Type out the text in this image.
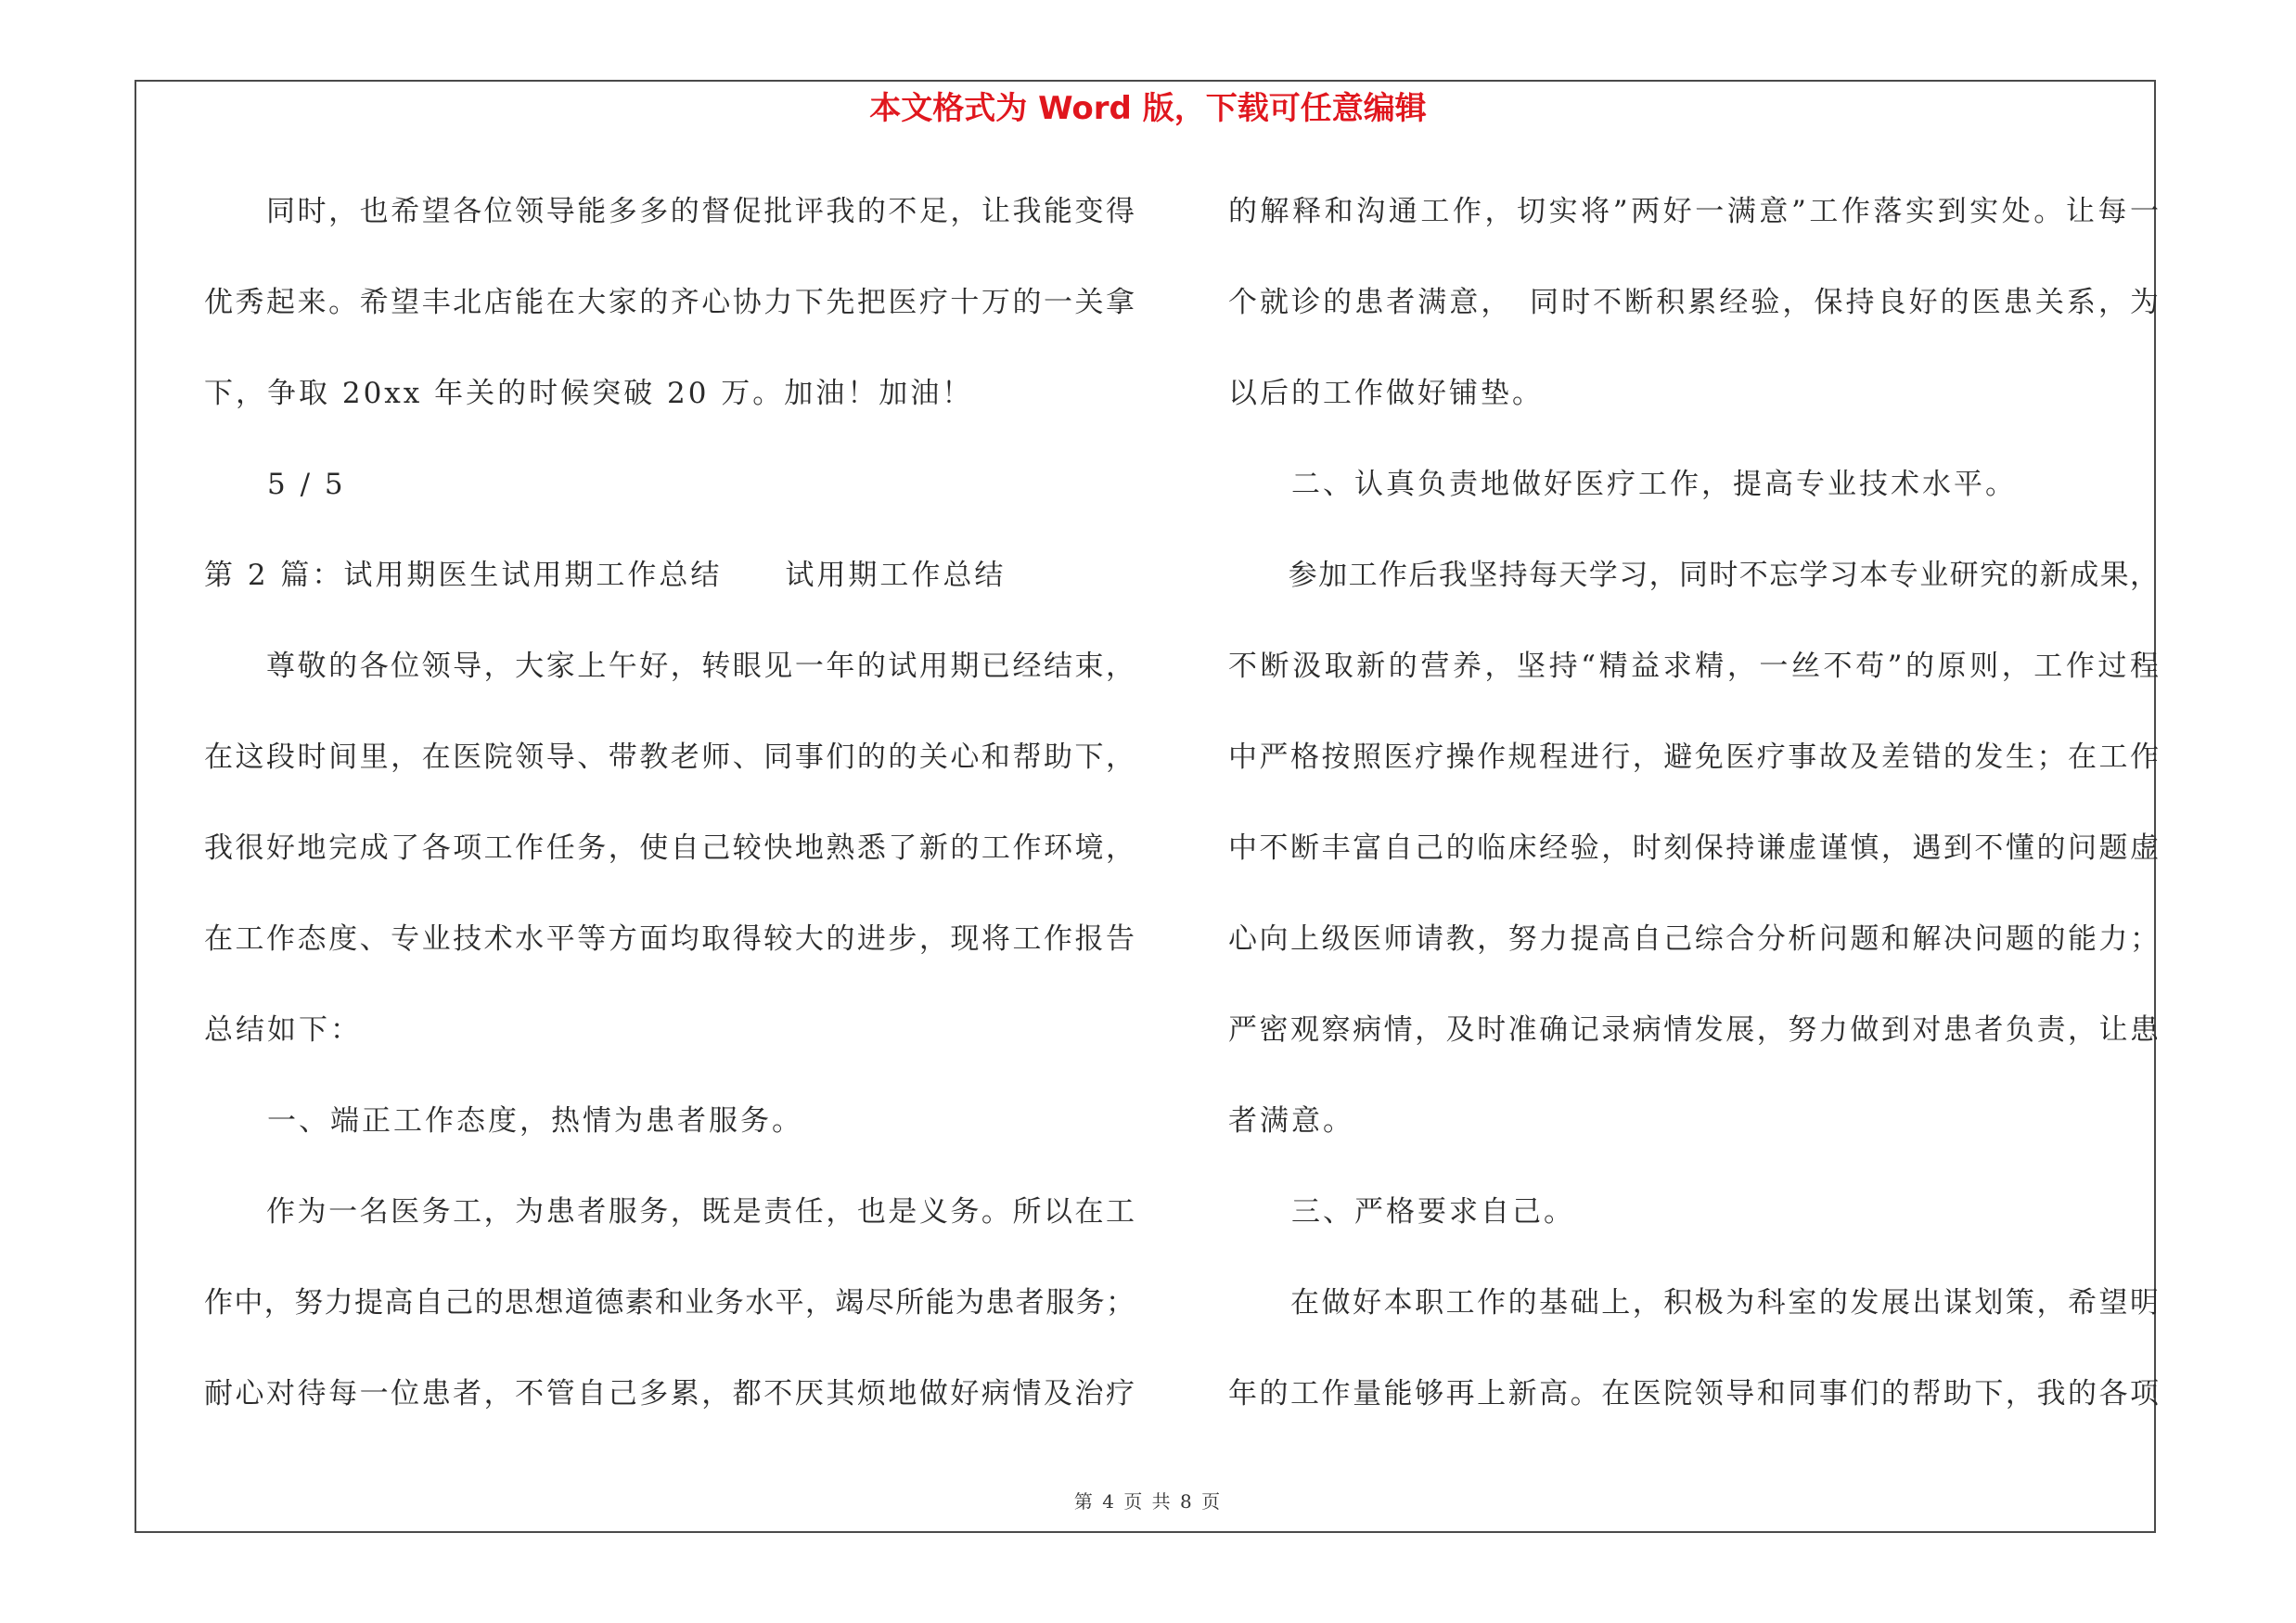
本文格式为 Word 版，下载可任意编辑
　　同时，也希望各位领导能多多的督促批评我的不足，让我能变得
优秀起来。希望丰北店能在大家的齐心协力下先把医疗十万的一关拿
下，争取 20xx 年关的时候突破 20 万。加油！加油！
　　5 / 5
第 2 篇：试用期医生试用期工作总结　　试用期工作总结
　　尊敬的各位领导，大家上午好，转眼见一年的试用期已经结束，
在这段时间里，在医院领导、带教老师、同事们的的关心和帮助下，
我很好地完成了各项工作任务，使自己较快地熟悉了新的工作环境，
在工作态度、专业技术水平等方面均取得较大的进步，现将工作报告
总结如下：
　　一、端正工作态度，热情为患者服务。
　　作为一名医务工，为患者服务，既是责任，也是义务。所以在工
作中，努力提高自己的思想道德素和业务水平，竭尽所能为患者服务；
耐心对待每一位患者，不管自己多累，都不厌其烦地做好病情及治疗
的解释和沟通工作，切实将”两好一满意”工作落实到实处。让每一
个就诊的患者满意，　同时不断积累经验，保持良好的医患关系，为
以后的工作做好铺垫。
　　二、认真负责地做好医疗工作，提高专业技术水平。
　　参加工作后我坚持每天学习，同时不忘学习本专业研究的新成果，
不断汲取新的营养，坚持“精益求精，一丝不苟”的原则，工作过程
中严格按照医疗操作规程进行，避免医疗事故及差错的发生；在工作
中不断丰富自己的临床经验，时刻保持谦虚谨慎，遇到不懂的问题虚
心向上级医师请教，努力提高自己综合分析问题和解决问题的能力；
严密观察病情，及时准确记录病情发展，努力做到对患者负责，让患
者满意。
　　三、严格要求自己。
　　在做好本职工作的基础上，积极为科室的发展出谋划策，希望明
年的工作量能够再上新高。在医院领导和同事们的帮助下，我的各项
第 4 页 共 8 页
